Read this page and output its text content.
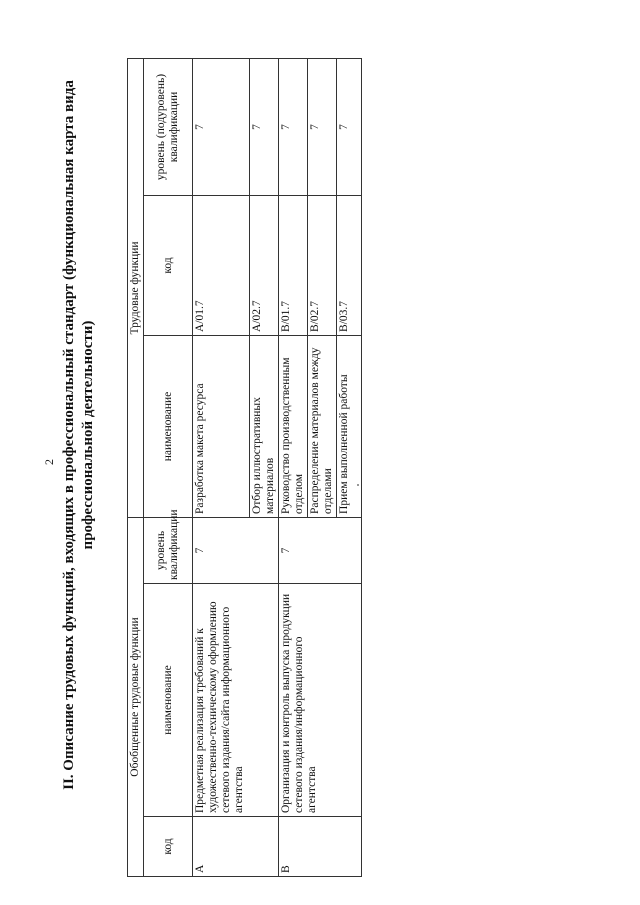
2 II. Описание трудовых функций, входящих в профессиональный стандарт (функциональная карта вида профессиональной деятельности)
Обобщенные трудовые функции			Трудовые функции		
код	наименование	уровень квалификации	наименование	код	уровень (подуровень) квалификации
A	Предметная реализация требований к художественно-техническому оформлению сетевого издания/сайта информационного агентства	7	Разработка макета ресурса	A/01.7	7
			Отбор иллюстративных материалов	A/02.7	7
B	Организация и контроль выпуска продукции сетевого издания/информационного агентства	7	Руководство производственным отделом	B/01.7	7
			Распределение материалов между отделами	B/02.7	7
			Прием выполненной работы	B/03.7	7
